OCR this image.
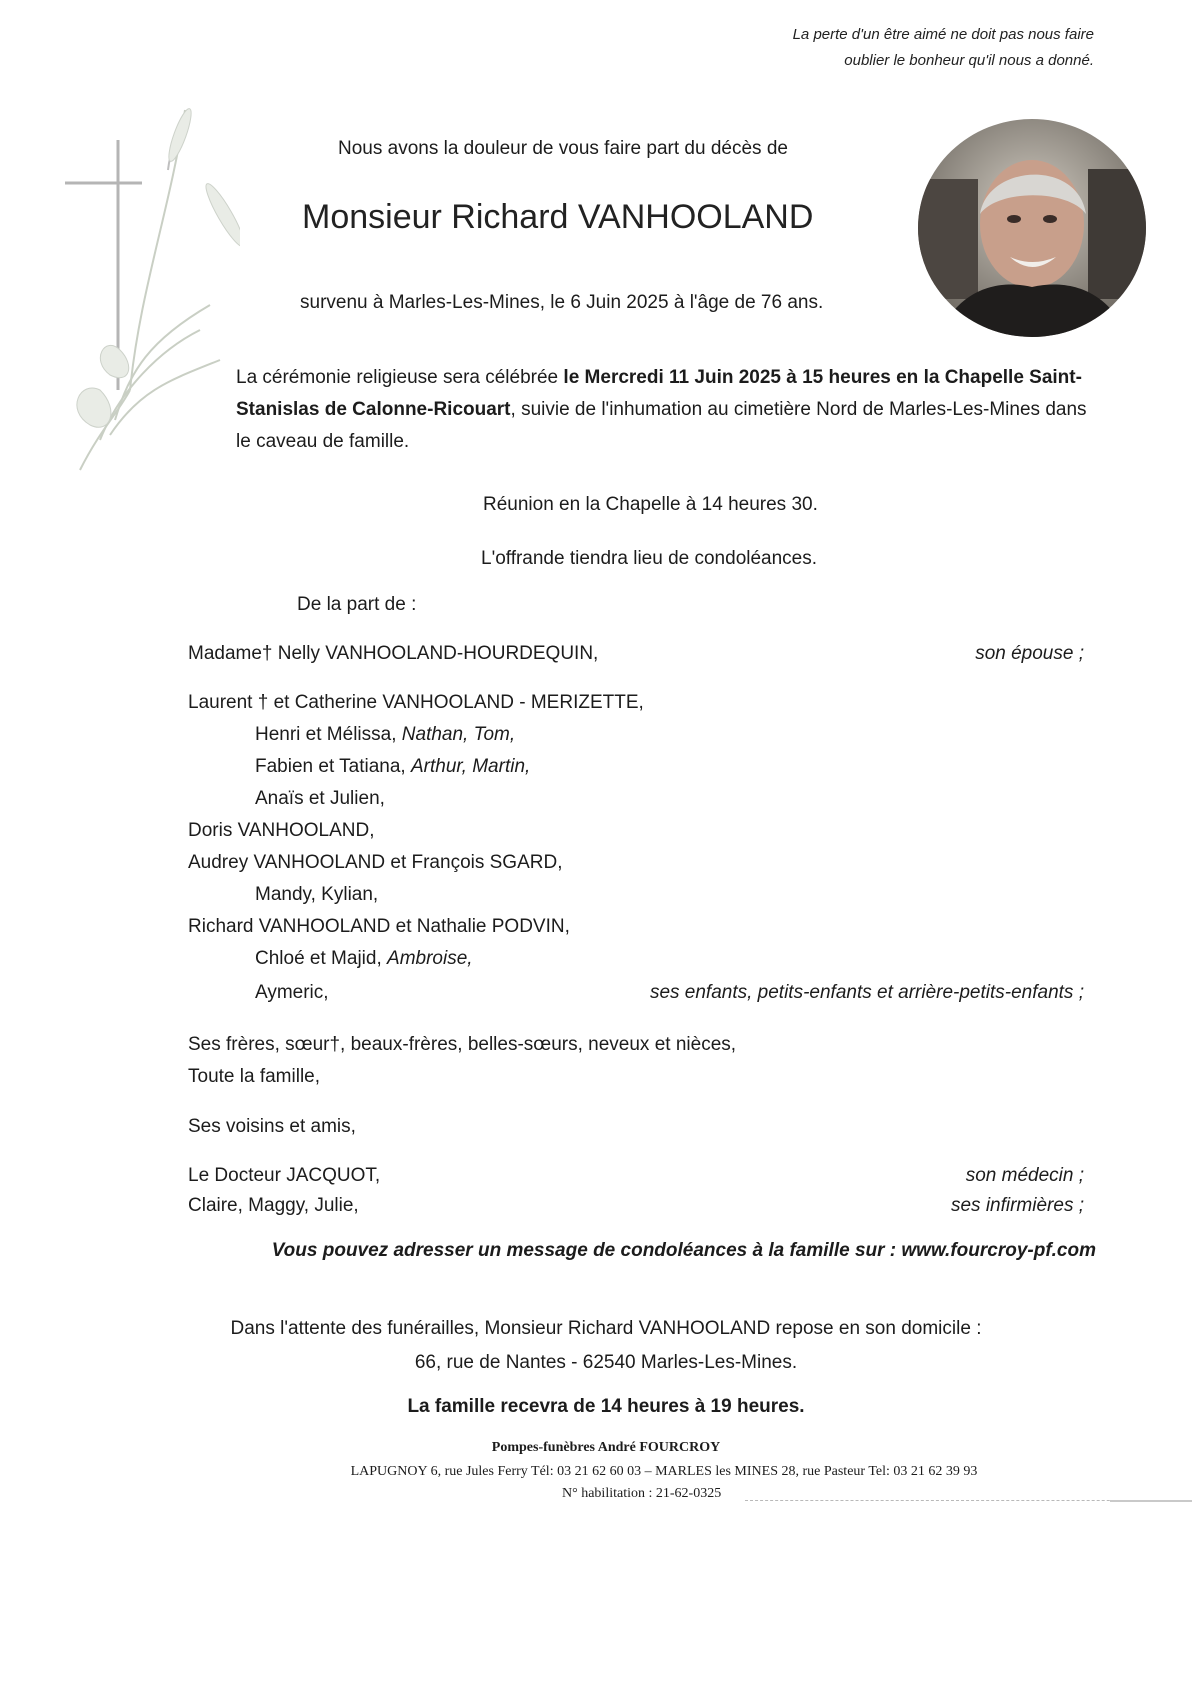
La perte d'un être aimé ne doit pas nous faire
oublier le bonheur qu'il nous a donné.
Nous avons la douleur de vous faire part du décès de
Monsieur Richard VANHOOLAND
survenu à Marles-Les-Mines, le 6 Juin 2025 à l'âge de 76 ans.
La cérémonie religieuse sera célébrée le Mercredi 11 Juin 2025 à 15 heures en la Chapelle Saint-Stanislas de Calonne-Ricouart, suivie de l'inhumation au cimetière Nord de Marles-Les-Mines dans le caveau de famille.
Réunion en la Chapelle à 14 heures 30.
L'offrande tiendra lieu de condoléances.
De la part de :
Madame† Nelly VANHOOLAND-HOURDEQUIN,	son épouse ;
Laurent † et Catherine VANHOOLAND - MERIZETTE,
Henri et Mélissa, Nathan, Tom,
Fabien et Tatiana, Arthur, Martin,
Anaïs et Julien,
Doris VANHOOLAND,
Audrey VANHOOLAND et François SGARD,
Mandy, Kylian,
Richard VANHOOLAND et Nathalie PODVIN,
Chloé et Majid, Ambroise,
Aymeric,	ses enfants, petits-enfants et arrière-petits-enfants ;
Ses frères, sœur†, beaux-frères, belles-sœurs, neveux et nièces,
Toute la famille,
Ses voisins et amis,
Le Docteur JACQUOT,	son médecin ;
Claire, Maggy, Julie,	ses infirmières ;
Vous pouvez adresser un message de condoléances à la famille sur : www.fourcroy-pf.com
Dans l'attente des funérailles, Monsieur Richard VANHOOLAND repose en son domicile :
66, rue de Nantes - 62540 Marles-Les-Mines.
La famille recevra de 14 heures à 19 heures.
Pompes-funèbres André FOURCROY
LAPUGNOY 6, rue Jules Ferry Tél: 03 21 62 60 03 – MARLES les MINES 28, rue Pasteur Tel: 03 21 62 39 93
N° habilitation : 21-62-0325
